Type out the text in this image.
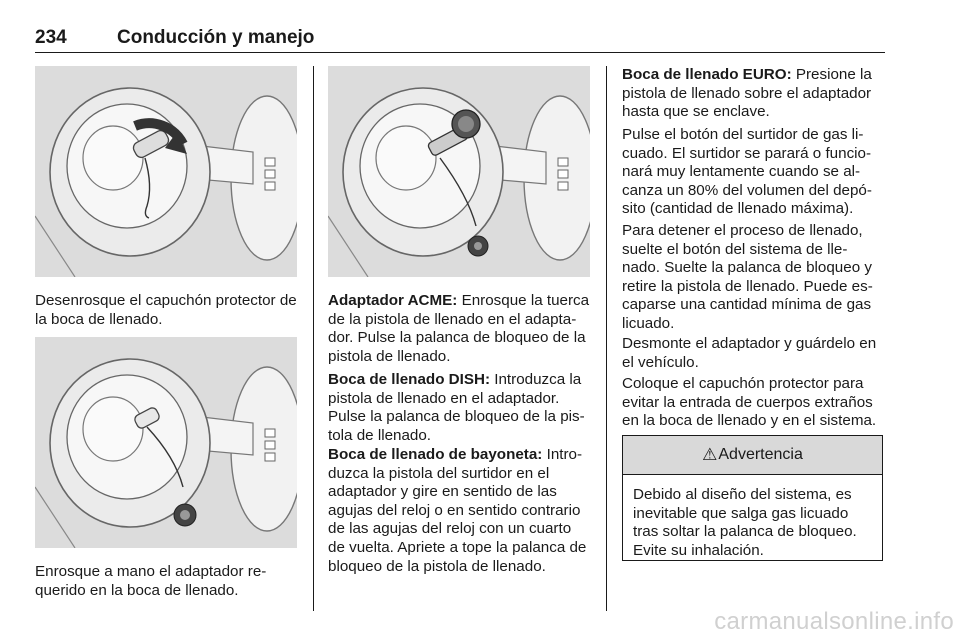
234	Conducción y manejo

Desenrosque el capuchón protector de la boca de llenado.

Enrosque a mano el adaptador re- querido en la boca de llenado.

Adaptador ACME: Enrosque la tuerca de la pistola de llenado en el adapta- dor. Pulse la palanca de bloqueo de la pistola de llenado.

Boca de llenado DISH: Introduzca la pistola de llenado en el adaptador. Pulse la palanca de bloqueo de la pis- tola de llenado.

Boca de llenado de bayoneta: Intro- duzca la pistola del surtidor en el adaptador y gire en sentido de las agujas del reloj o en sentido contrario de las agujas del reloj con un cuarto de vuelta. Apriete a tope la palanca de bloqueo de la pistola de llenado.

Boca de llenado EURO: Presione la pistola de llenado sobre el adaptador hasta que se enclave.

Pulse el botón del surtidor de gas li- cuado. El surtidor se parará o funcio- nará muy lentamente cuando se al- canza un 80% del volumen del depó- sito (cantidad de llenado máxima).

Para detener el proceso de llenado, suelte el botón del sistema de lle- nado. Suelte la palanca de bloqueo y retire la pistola de llenado. Puede es- caparse una cantidad mínima de gas licuado.

Desmonte el adaptador y guárdelo en el vehículo.

Coloque el capuchón protector para evitar la entrada de cuerpos extraños en la boca de llenado y en el sistema.

⚠ Advertencia
Debido al diseño del sistema, es inevitable que salga gas licuado tras soltar la palanca de bloqueo. Evite su inhalación.
carmanualsonline.info
